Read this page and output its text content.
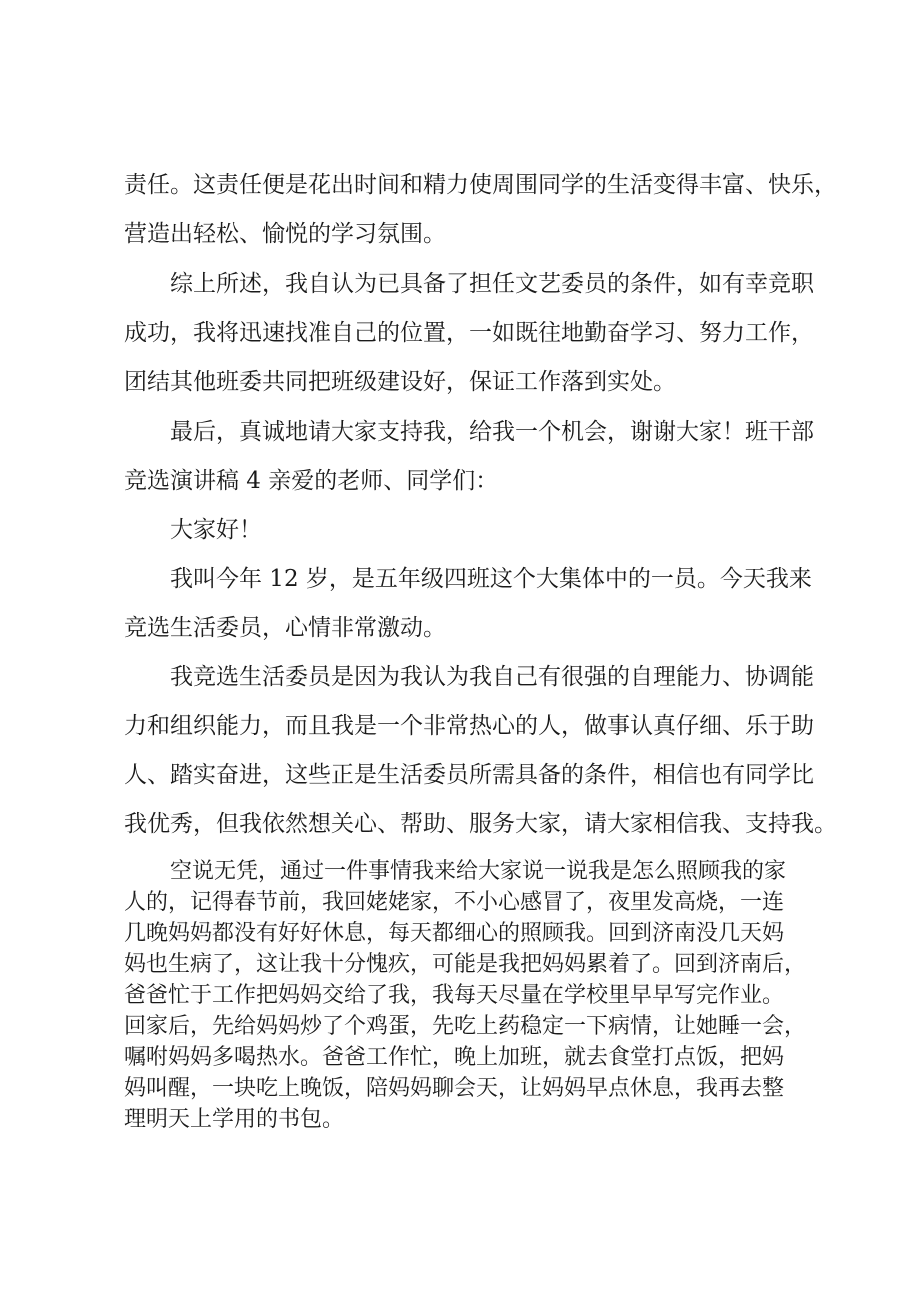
责任。这责任便是花出时间和精力使周围同学的生活变得丰富、快乐，

营造出轻松、愉悦的学习氛围。

综上所述，我自认为已具备了担任文艺委员的条件，如有幸竞职

成功，我将迅速找准自己的位置，一如既往地勤奋学习、努力工作，

团结其他班委共同把班级建设好，保证工作落到实处。

最后，真诚地请大家支持我，给我一个机会，谢谢大家！班干部

竞选演讲稿 4 亲爱的老师、同学们：

大家好！

我叫今年 12 岁，是五年级四班这个大集体中的一员。今天我来

竞选生活委员，心情非常激动。

我竞选生活委员是因为我认为我自己有很强的自理能力、协调能

力和组织能力，而且我是一个非常热心的人，做事认真仔细、乐于助

人、踏实奋进，这些正是生活委员所需具备的条件，相信也有同学比

我优秀，但我依然想关心、帮助、服务大家，请大家相信我、支持我。

空说无凭，通过一件事情我来给大家说一说我是怎么照顾我的家

人的，记得春节前，我回姥姥家，不小心感冒了，夜里发高烧，一连

几晚妈妈都没有好好休息，每天都细心的照顾我。回到济南没几天妈

妈也生病了，这让我十分愧疚，可能是我把妈妈累着了。回到济南后，

爸爸忙于工作把妈妈交给了我，我每天尽量在学校里早早写完作业。

回家后，先给妈妈炒了个鸡蛋，先吃上药稳定一下病情，让她睡一会，

嘱咐妈妈多喝热水。爸爸工作忙，晚上加班，就去食堂打点饭，把妈

妈叫醒，一块吃上晚饭，陪妈妈聊会天，让妈妈早点休息，我再去整

理明天上学用的书包。
